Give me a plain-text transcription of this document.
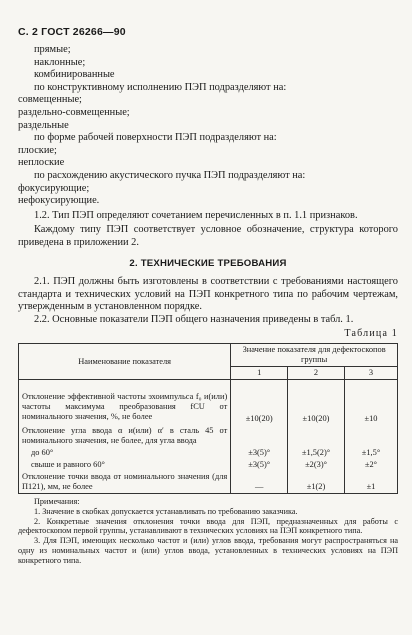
С. 2 ГОСТ 26266—90
прямые;
наклонные;
комбинированные
по конструктивному исполнению ПЭП подразделяют на:
совмещенные;
раздельно-совмещенные;
раздельные
по форме рабочей поверхности ПЭП подразделяют на:
плоские;
неплоские
по расхождению акустического пучка ПЭП подразделяют на:
фокусирующие;
нефокусирующие.
1.2. Тип ПЭП определяют сочетанием перечисленных в п. 1.1 признаков.
Каждому типу ПЭП соответствует условное обозначение, структура которого приведена в приложении 2.
2. ТЕХНИЧЕСКИЕ ТРЕБОВАНИЯ
2.1. ПЭП должны быть изготовлены в соответствии с требованиями настоящего стандарта и технических условий на ПЭП конкретного типа по рабочим чертежам, утвержденным в установленном порядке.
2.2. Основные показатели ПЭП общего назначения приведены в табл. 1.
Таблица 1
Наименование показателя	Значение показателя для дефектоскопов группы		
	1	2	3
Отклонение эффективной частоты эхоимпульса f₀ и(или) частоты максимума преобразования fCU от номинального значения, %, не более	±10(20)	±10(20)	±10
Отклонение угла ввода α и(или) α′ в сталь 45 от номинального значения, не более, для угла ввода			
до 60°	±3(5)°	±1,5(2)°	±1,5°
свыше и равного 60°	±3(5)°	±2(3)°	±2°
Отклонение точки ввода от номинального значения (для П121), мм, не более	—	±1(2)	±1
Примечания:
1. Значение в скобках допускается устанавливать по требованию заказчика.
2. Конкретные значения отклонения точки ввода для ПЭП, предназначенных для работы с дефектоскопом первой группы, устанавливают в технических условиях на ПЭП конкретного типа.
3. Для ПЭП, имеющих несколько частот и (или) углов ввода, требования могут распространяться на одну из номинальных частот и (или) углов ввода, установленных в технических условиях на ПЭП конкретного типа.
